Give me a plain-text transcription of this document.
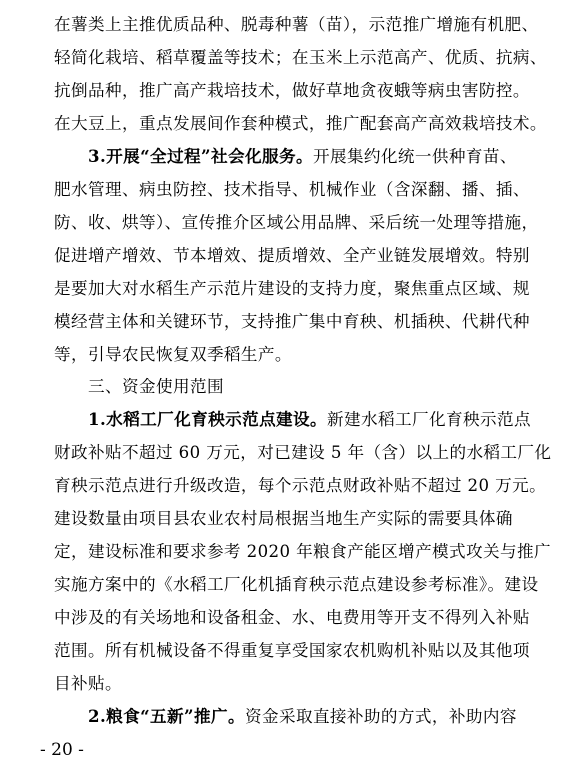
在薯类上主推优质品种、脱毒种薯（苗），示范推广增施有机肥、
轻简化栽培、稻草覆盖等技术；在玉米上示范高产、优质、抗病、
抗倒品种，推广高产栽培技术，做好草地贪夜蛾等病虫害防控。
在大豆上，重点发展间作套种模式，推广配套高产高效栽培技术。
3.开展“全过程”社会化服务。开展集约化统一供种育苗、
肥水管理、病虫防控、技术指导、机械作业（含深翻、播、插、
防、收、烘等）、宣传推介区域公用品牌、采后统一处理等措施，
促进增产增效、节本增效、提质增效、全产业链发展增效。特别
是要加大对水稻生产示范片建设的支持力度，聚焦重点区域、规
模经营主体和关键环节，支持推广集中育秧、机插秧、代耕代种
等，引导农民恢复双季稻生产。
三、资金使用范围
1.水稻工厂化育秧示范点建设。新建水稻工厂化育秧示范点
财政补贴不超过 60 万元，对已建设 5 年（含）以上的水稻工厂化
育秧示范点进行升级改造，每个示范点财政补贴不超过 20 万元。
建设数量由项目县农业农村局根据当地生产实际的需要具体确
定，建设标准和要求参考 2020 年粮食产能区增产模式攻关与推广
实施方案中的《水稻工厂化机插育秧示范点建设参考标准》。建设
中涉及的有关场地和设备租金、水、电费用等开支不得列入补贴
范围。所有机械设备不得重复享受国家农机购机补贴以及其他项
目补贴。
2.粮食“五新”推广。资金采取直接补助的方式，补助内容
- 20 -
